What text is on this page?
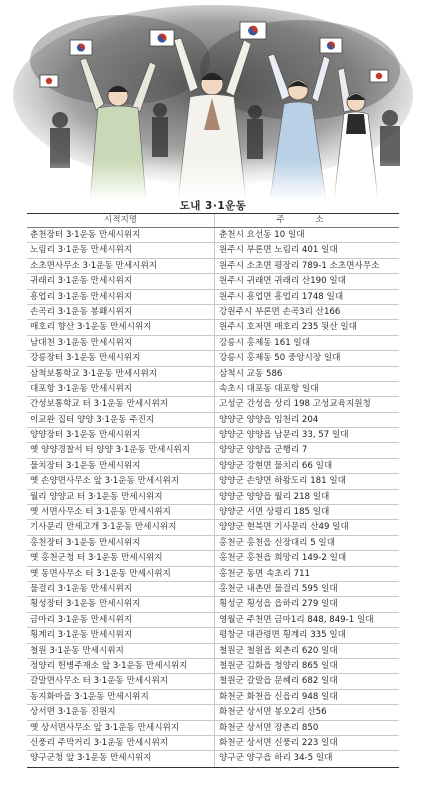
도내 3·1운동
시적지명	주 소
춘천장터 3·1운동 만세시위지	춘천시 요선동 10 일대
노림리 3·1운동 만세시위지	원주시 부론면 노림리 401 일대
소초면사무소 3·1운동 만세시위지	원주시 소초면 평장리 789-1 소초면사무소
귀래리 3·1운동 만세시위지	원주시 귀래면 귀래리 산190 일대
흥업리 3·1운동 만세시위지	원주시 흥업면 흥업리 1748 일대
손곡리 3·1운동 봉홰시위지	강원주시 부론면 손곡3리 산166
매호리 향산 3·1운동 만세시위지	원주시 호저면 매호리 235 뒷산 일대
남대천 3·1운동 만세시위지	강릉시 홍제동 161 일대
강릉장터 3·1운동 만세시위지	강릉시 홍제동 50 중앙시장 일대
삼척보통학교 3·1운동 만세시위지	삼척시 교동 586
대포항 3·1운동 만세시위지	속초시 대포동 대포항 일대
간성보통학교 터 3·1운동 만세시위지	고성군 간성읍 상리 198 고성교육지원청
이교완 집터 양양 3·1운동 주진지	양양군 양양읍 임천리 204
양양장터 3·1운동 만세시위지	양양군 양양읍 남문리 33, 57 일대
옛 양양경찰서 터 양양 3·1운동 만세시위지	양양군 양양읍 군행리 7
물치장터 3·1운동 만세시위지	양양군 강현면 물치리 66 일대
옛 손양면사무소 앞 3·1운동 만세시위지	양양군 손양면 하왕도리 181 일대
월리 양양교 터 3·1운동 만세시위지	양양군 양양읍 월리 218 일대
옛 서면사무소 터 3·1운동 만세시위지	양양군 서면 상평리 185 일대
기사문리 만세고개 3·1운동 만세시위지	양양군 현북면 기사문리 산49 일대
홍천장터 3·1운동 만세시위지	홍천군 홍천읍 신장대리 5 일대
옛 홍천군청 터 3·1운동 만세시위지	홍천군 홍천읍 희망리 149-2 일대
옛 동면사무소 터 3·1운동 만세시위지	홍천군 동면 속초리 711
물걸리 3·1운동 만세시위지	홍천군 내촌면 물걸리 595 일대
횡성장터 3·1운동 만세시위지	횡성군 횡성읍 읍하리 279 일대
금마리 3·1운동 만세시위지	영월군 주천면 금마1리 848, 849-1 일대
횡계리 3·1운동 만세시위지	평창군 대관령면 횡계리 335 일대
철원 3·1운동 만세시위지	철원군 철원읍 외촌리 620 일대
정양리 헌병주재소 앞 3·1운동 만세시위지	철원군 김화읍 청양리 865 일대
갈말면사무소 터 3·1운동 만세시위지	철원군 갈말읍 문혜리 682 일대
동지화마을 3·1운동 만세시위지	화천군 화천읍 신읍리 948 일대
상서면 3·1운동 진원지	화천군 상서면 봉오2리 산56
옛 상서면사무소 앞 3·1운동 만세시위지	화천군 상서면 장촌리 850
신풍리 주막거리 3·1운동 만세시위지	화천군 상서면 신풍리 223 일대
양구군청 앞 3·1운동 만세시위지	양구군 양구읍 하리 34-5 일대
